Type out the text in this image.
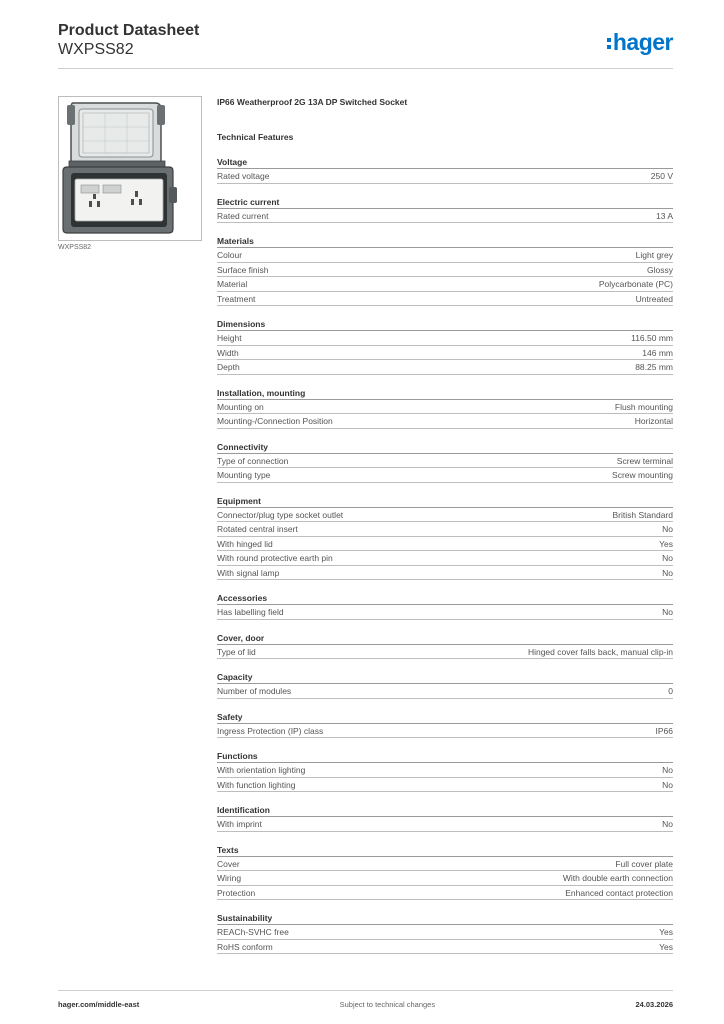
Product Datasheet
WXPSS82	hager
WXPSS82
IP66 Weatherproof 2G 13A DP Switched Socket
Technical Features
Voltage
Rated voltage	250 V
Electric current
Rated current	13 A
Materials
Colour	Light grey
Surface finish	Glossy
Material	Polycarbonate (PC)
Treatment	Untreated
Dimensions
Height	116.50 mm
Width	146 mm
Depth	88.25 mm
Installation, mounting
Mounting on	Flush mounting
Mounting-/Connection Position	Horizontal
Connectivity
Type of connection	Screw terminal
Mounting type	Screw mounting
Equipment
Connector/plug type socket outlet	British Standard
Rotated central insert	No
With hinged lid	Yes
With round protective earth pin	No
With signal lamp	No
Accessories
Has labelling field	No
Cover, door
Type of lid	Hinged cover falls back, manual clip-in
Capacity
Number of modules	0
Safety
Ingress Protection (IP) class	IP66
Functions
With orientation lighting	No
With function lighting	No
Identification
With imprint	No
Texts
Cover	Full cover plate
Wiring	With double earth connection
Protection	Enhanced contact protection
Sustainability
REACh-SVHC free	Yes
RoHS conform	Yes
hager.com/middle-east	Subject to technical changes	24.03.2026
